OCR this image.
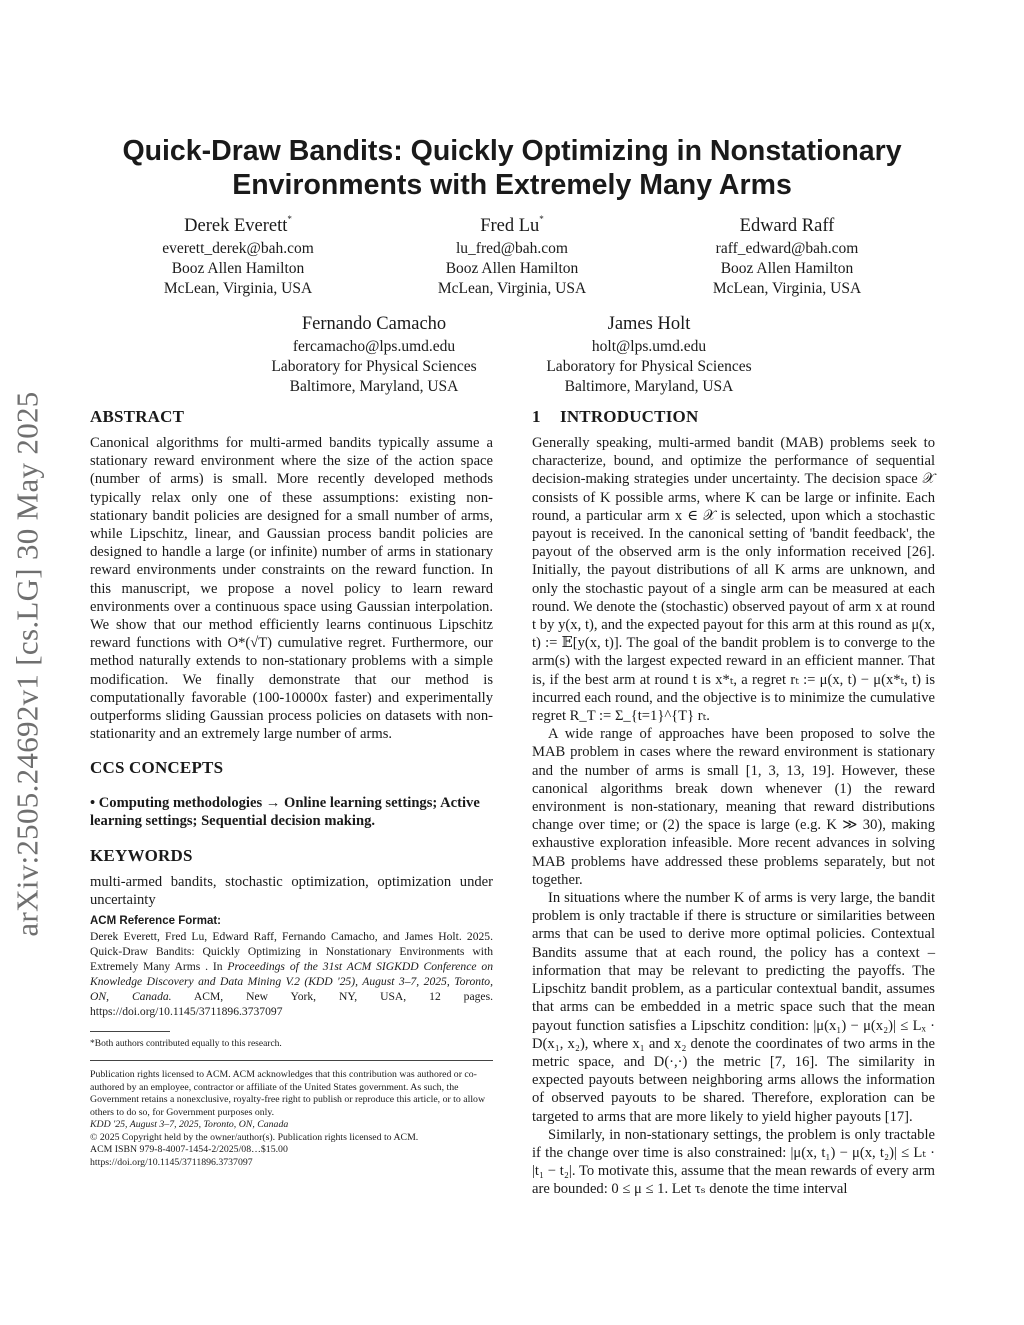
arXiv:2505.24692v1 [cs.LG] 30 May 2025
Quick-Draw Bandits: Quickly Optimizing in Nonstationary
Environments with Extremely Many Arms
Derek Everett*
everett_derek@bah.com
Booz Allen Hamilton
McLean, Virginia, USA
Fred Lu*
lu_fred@bah.com
Booz Allen Hamilton
McLean, Virginia, USA
Edward Raff
raff_edward@bah.com
Booz Allen Hamilton
McLean, Virginia, USA
Fernando Camacho
fercamacho@lps.umd.edu
Laboratory for Physical Sciences
Baltimore, Maryland, USA
James Holt
holt@lps.umd.edu
Laboratory for Physical Sciences
Baltimore, Maryland, USA
ABSTRACT

Canonical algorithms for multi-armed bandits typically assume a stationary reward environment where the size of the action space (number of arms) is small. More recently developed methods typically relax only one of these assumptions: existing non-stationary bandit policies are designed for a small number of arms, while Lipschitz, linear, and Gaussian process bandit policies are designed to handle a large (or infinite) number of arms in stationary reward environments under constraints on the reward function. In this manuscript, we propose a novel policy to learn reward environments over a continuous space using Gaussian interpolation. We show that our method efficiently learns continuous Lipschitz reward functions with O*(√T) cumulative regret. Furthermore, our method naturally extends to non-stationary problems with a simple modification. We finally demonstrate that our method is computationally favorable (100-10000x faster) and experimentally outperforms sliding Gaussian process policies on datasets with non-stationarity and an extremely large number of arms.

CCS CONCEPTS

• Computing methodologies → Online learning settings; Active learning settings; Sequential decision making.

KEYWORDS

multi-armed bandits, stochastic optimization, optimization under uncertainty

ACM Reference Format:

Derek Everett, Fred Lu, Edward Raff, Fernando Camacho, and James Holt. 2025. Quick-Draw Bandits: Quickly Optimizing in Nonstationary Environments with Extremely Many Arms . In Proceedings of the 31st ACM SIGKDD Conference on Knowledge Discovery and Data Mining V.2 (KDD '25), August 3–7, 2025, Toronto, ON, Canada. ACM, New York, NY, USA, 12 pages. https://doi.org/10.1145/3711896.3737097

*Both authors contributed equally to this research.

Publication rights licensed to ACM. ACM acknowledges that this contribution was authored or co-authored by an employee, contractor or affiliate of the United States government. As such, the Government retains a nonexclusive, royalty-free right to publish or reproduce this article, or to allow others to do so, for Government purposes only.

KDD '25, August 3–7, 2025, Toronto, ON, Canada

© 2025 Copyright held by the owner/author(s). Publication rights licensed to ACM.

ACM ISBN 979-8-4007-1454-2/2025/08…$15.00

https://doi.org/10.1145/3711896.3737097

1 INTRODUCTION

Generally speaking, multi-armed bandit (MAB) problems seek to characterize, bound, and optimize the performance of sequential decision-making strategies under uncertainty. The decision space 𝒳 consists of K possible arms, where K can be large or infinite. Each round, a particular arm x ∈ 𝒳 is selected, upon which a stochastic payout is received. In the canonical setting of 'bandit feedback', the payout of the observed arm is the only information received [26]. Initially, the payout distributions of all K arms are unknown, and only the stochastic payout of a single arm can be measured at each round. We denote the (stochastic) observed payout of arm x at round t by y(x, t), and the expected payout for this arm at this round as μ(x, t) := 𝔼[y(x, t)]. The goal of the bandit problem is to converge to the arm(s) with the largest expected reward in an efficient manner. That is, if the best arm at round t is x*ₜ, a regret rₜ := μ(x, t) − μ(x*ₜ, t) is incurred each round, and the objective is to minimize the cumulative regret R_T := Σ_{t=1}^{T} rₜ.

A wide range of approaches have been proposed to solve the MAB problem in cases where the reward environment is stationary and the number of arms is small [1, 3, 13, 19]. However, these canonical algorithms break down whenever (1) the reward environment is non-stationary, meaning that reward distributions change over time; or (2) the space is large (e.g. K ≫ 30), making exhaustive exploration infeasible. More recent advances in solving MAB problems have addressed these problems separately, but not together.

In situations where the number K of arms is very large, the bandit problem is only tractable if there is structure or similarities between arms that can be used to derive more optimal policies. Contextual Bandits assume that at each round, the policy has a context – information that may be relevant to predicting the payoffs. The Lipschitz bandit problem, as a particular contextual bandit, assumes that arms can be embedded in a metric space such that the mean payout function satisfies a Lipschitz condition: |μ(x₁) − μ(x₂)| ≤ Lₓ · D(x₁, x₂), where x₁ and x₂ denote the coordinates of two arms in the metric space, and D(·,·) the metric [7, 16]. The similarity in expected payouts between neighboring arms allows the information of observed payouts to be shared. Therefore, exploration can be targeted to arms that are more likely to yield higher payouts [17].

Similarly, in non-stationary settings, the problem is only tractable if the change over time is also constrained: |μ(x, t₁) − μ(x, t₂)| ≤ Lₜ · |t₁ − t₂|. To motivate this, assume that the mean rewards of every arm are bounded: 0 ≤ μ ≤ 1. Let τₛ denote the time interval
